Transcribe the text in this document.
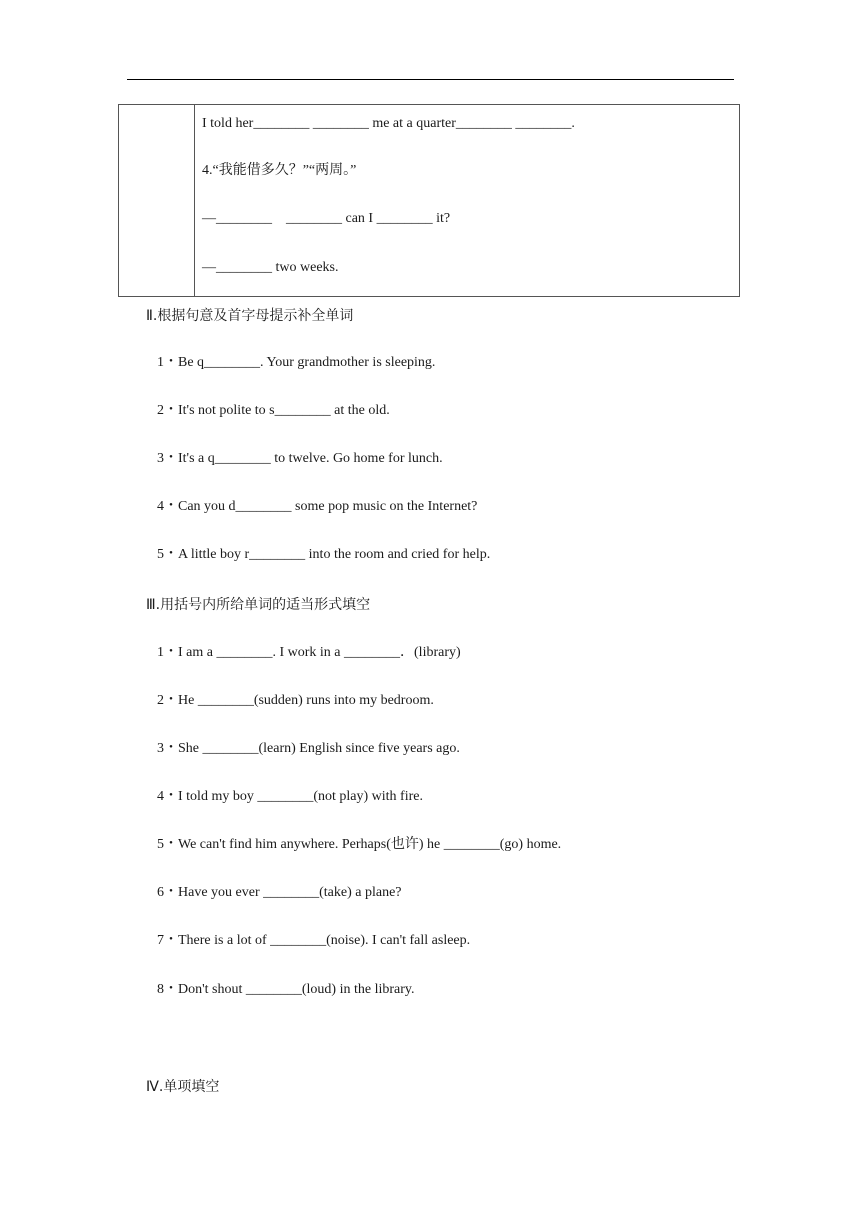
I told her________ ________ me at a quarter________ ________.
4.“我能借多久？”“两周。”
—________    ________ can I ________ it?
—________ two weeks.
Ⅱ.根据句意及首字母提示补全单词
1・Be q________. Your grandmother is sleeping.
2・It's not polite to s________ at the old.
3・It's a q________ to twelve. Go home for lunch.
4・Can you d________ some pop music on the Internet?
5・A little boy r________ into the room and cried for help.
Ⅲ.用括号内所给单词的适当形式填空
1・I am a ________. I work in a ________．(library)
2・He ________(sudden) runs into my bedroom.
3・She ________(learn) English since five years ago.
4・I told my boy ________(not play) with fire.
5・We can't find him anywhere. Perhaps(也许) he ________(go) home.
6・Have you ever ________(take) a plane?
7・There is a lot of ________(noise). I can't fall asleep.
8・Don't shout ________(loud) in the library.
Ⅳ.单项填空
